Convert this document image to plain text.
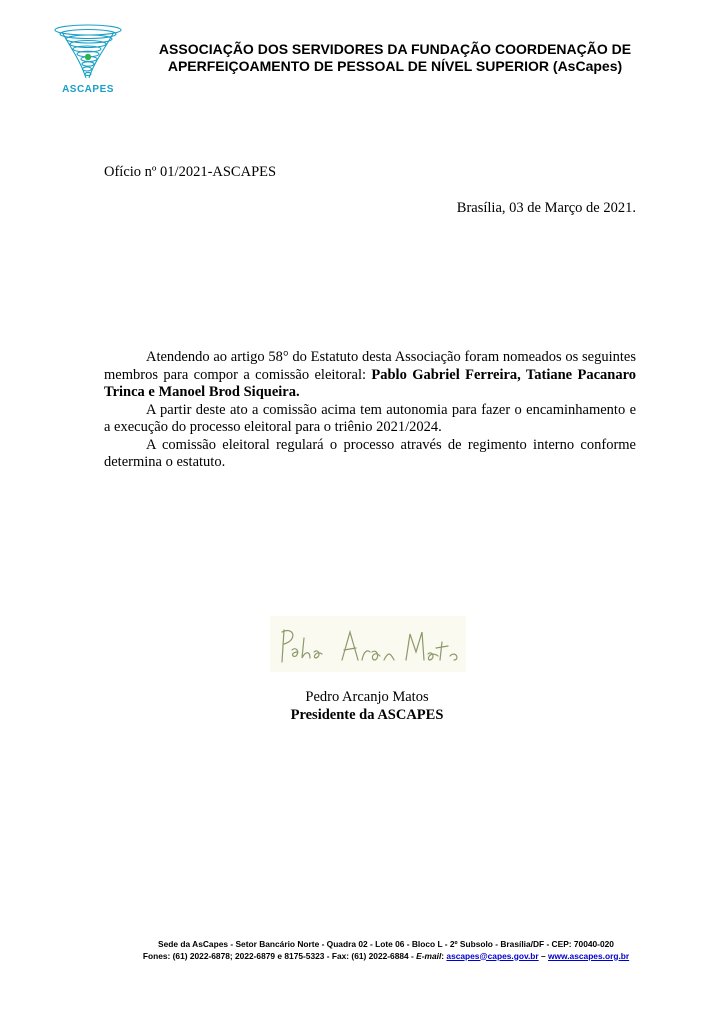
ASCAPES
ASSOCIAÇÃO DOS SERVIDORES DA FUNDAÇÃO COORDENAÇÃO DE
APERFEIÇOAMENTO DE PESSOAL DE NÍVEL SUPERIOR (AsCapes)
Ofício nº 01/2021-ASCAPES
Brasília, 03 de Março de 2021.

Atendendo ao artigo 58° do Estatuto desta Associação foram nomeados os seguintes membros para compor a comissão eleitoral: Pablo Gabriel Ferreira, Tatiane Pacanaro Trinca e Manoel Brod Siqueira.

A partir deste ato a comissão acima tem autonomia para fazer o encaminhamento e a execução do processo eleitoral para o triênio 2021/2024.

A comissão eleitoral regulará o processo através de regimento interno conforme determina o estatuto.

Pedro Arcanjo Matos
Presidente da ASCAPES
Sede da AsCapes - Setor Bancário Norte - Quadra 02 - Lote 06 - Bloco L - 2º Subsolo - Brasília/DF - CEP: 70040-020
Fones: (61) 2022-6878; 2022-6879 e 8175-5323 - Fax: (61) 2022-6884 - E-mail: ascapes@capes.gov.br – www.ascapes.org.br
